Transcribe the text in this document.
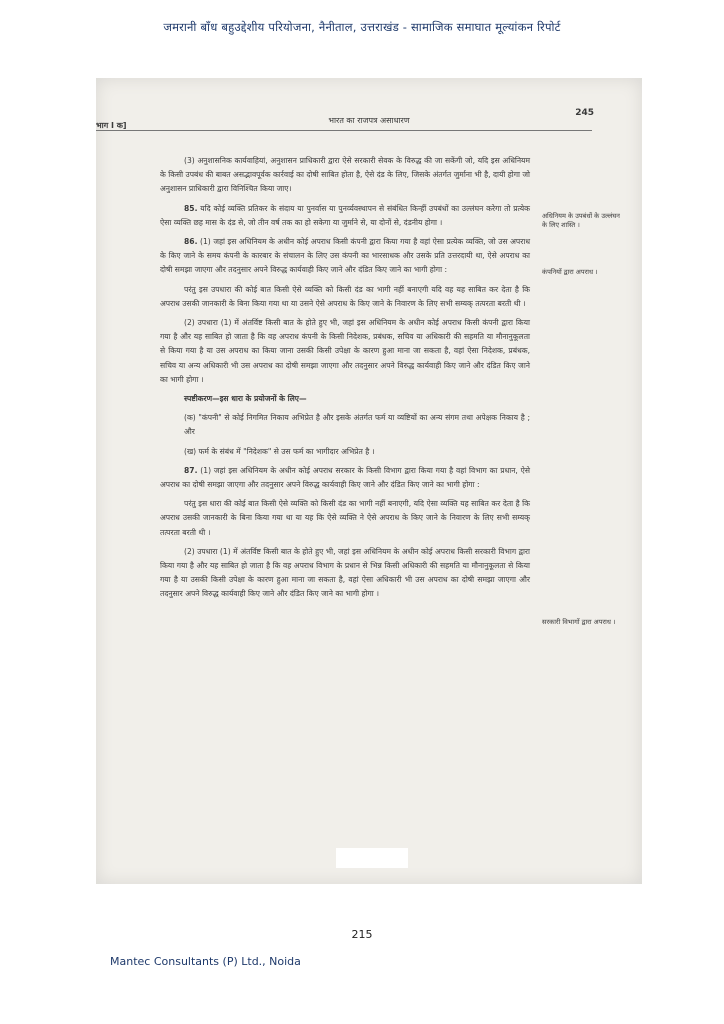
जमरानी बाँध बहुउद्देशीय परियोजना, नैनीताल, उत्तराखंड - सामाजिक समाघात मूल्यांकन रिपोर्ट
भाग I क]
भारत का राजपत्र असाधारण
245

(3) अनुशासनिक कार्यवाहियां, अनुशासन प्राधिकारी द्वारा ऐसे सरकारी सेवक के विरुद्ध की जा सकेंगी जो, यदि इस अधिनियम के किसी उपबंध की बाबत असद्भावपूर्वक कार्रवाई का दोषी साबित होता है, ऐसे दंड के लिए, जिसके अंतर्गत जुर्माना भी है, दायी होगा जो अनुशासन प्राधिकारी द्वारा विनिश्चित किया जाए।

85. यदि कोई व्यक्ति प्रतिकर के संदाय या पुनर्वास या पुनर्व्यवस्थापन से संबंधित किन्हीं उपबंधों का उल्लंघन करेगा तो प्रत्येक ऐसा व्यक्ति छह मास के दंड से, जो तीन वर्ष तक का हो सकेगा या जुर्माने से, या दोनों से, दंडनीय होगा ।

86. (1) जहां इस अधिनियम के अधीन कोई अपराध किसी कंपनी द्वारा किया गया है वहां ऐसा प्रत्येक व्यक्ति, जो उस अपराध के किए जाने के समय कंपनी के कारबार के संचालन के लिए उस कंपनी का भारसाधक और उसके प्रति उत्तरदायी था, ऐसे अपराध का दोषी समझा जाएगा और तदनुसार अपने विरुद्ध कार्यवाही किए जाने और दंडित किए जाने का भागी होगा :

परंतु इस उपधारा की कोई बात किसी ऐसे व्यक्ति को किसी दंड का भागी नहीं बनाएगी यदि वह यह साबित कर देता है कि अपराध उसकी जानकारी के बिना किया गया था या उसने ऐसे अपराध के किए जाने के निवारण के लिए सभी सम्यक् तत्परता बरती थी ।

(2) उपधारा (1) में अंतर्विष्ट किसी बात के होते हुए भी, जहां इस अधिनियम के अधीन कोई अपराध किसी कंपनी द्वारा किया गया है और यह साबित हो जाता है कि वह अपराध कंपनी के किसी निदेशक, प्रबंधक, सचिव या अधिकारी की सहमति या मौनानुकूलता से किया गया है या उस अपराध का किया जाना उसकी किसी उपेक्षा के कारण हुआ माना जा सकता है, वहां ऐसा निदेशक, प्रबंधक, सचिव या अन्य अधिकारी भी उस अपराध का दोषी समझा जाएगा और तदनुसार अपने विरुद्ध कार्यवाही किए जाने और दंडित किए जाने का भागी होगा ।

स्पष्टीकरण—इस धारा के प्रयोजनों के लिए—

(क) "कंपनी" से कोई निगमित निकाय अभिप्रेत है और इसके अंतर्गत फर्म या व्यष्टियों का अन्य संगम तथा अपेक्षक निकाय है ; और

(ख) फर्म के संबंध में "निदेशक" से उस फर्म का भागीदार अभिप्रेत है ।

87. (1) जहां इस अधिनियम के अधीन कोई अपराध सरकार के किसी विभाग द्वारा किया गया है वहां विभाग का प्रधान, ऐसे अपराध का दोषी समझा जाएगा और तदनुसार अपने विरुद्ध कार्यवाही किए जाने और दंडित किए जाने का भागी होगा :

परंतु इस धारा की कोई बात किसी ऐसे व्यक्ति को किसी दंड का भागी नहीं बनाएगी, यदि ऐसा व्यक्ति यह साबित कर देता है कि अपराध उसकी जानकारी के बिना किया गया था या यह कि ऐसे व्यक्ति ने ऐसे अपराध के किए जाने के निवारण के लिए सभी सम्यक् तत्परता बरती थी ।

(2) उपधारा (1) में अंतर्विष्ट किसी बात के होते हुए भी, जहां इस अधिनियम के अधीन कोई अपराध किसी सरकारी विभाग द्वारा किया गया है और यह साबित हो जाता है कि वह अपराध विभाग के प्रधान से भिन्न किसी अधिकारी की सहमति या मौनानुकूलता से किया गया है या उसकी किसी उपेक्षा के कारण हुआ माना जा सकता है, वहां ऐसा अधिकारी भी उस अपराध का दोषी समझा जाएगा और तदनुसार अपने विरुद्ध कार्यवाही किए जाने और दंडित किए जाने का भागी होगा ।

अधिनियम के उपबंधों के उल्लंघन के लिए शास्ति ।
कंपनियों द्वारा अपराध ।
सरकारी विभागों द्वारा अपराध ।
215
Mantec Consultants (P) Ltd., Noida
